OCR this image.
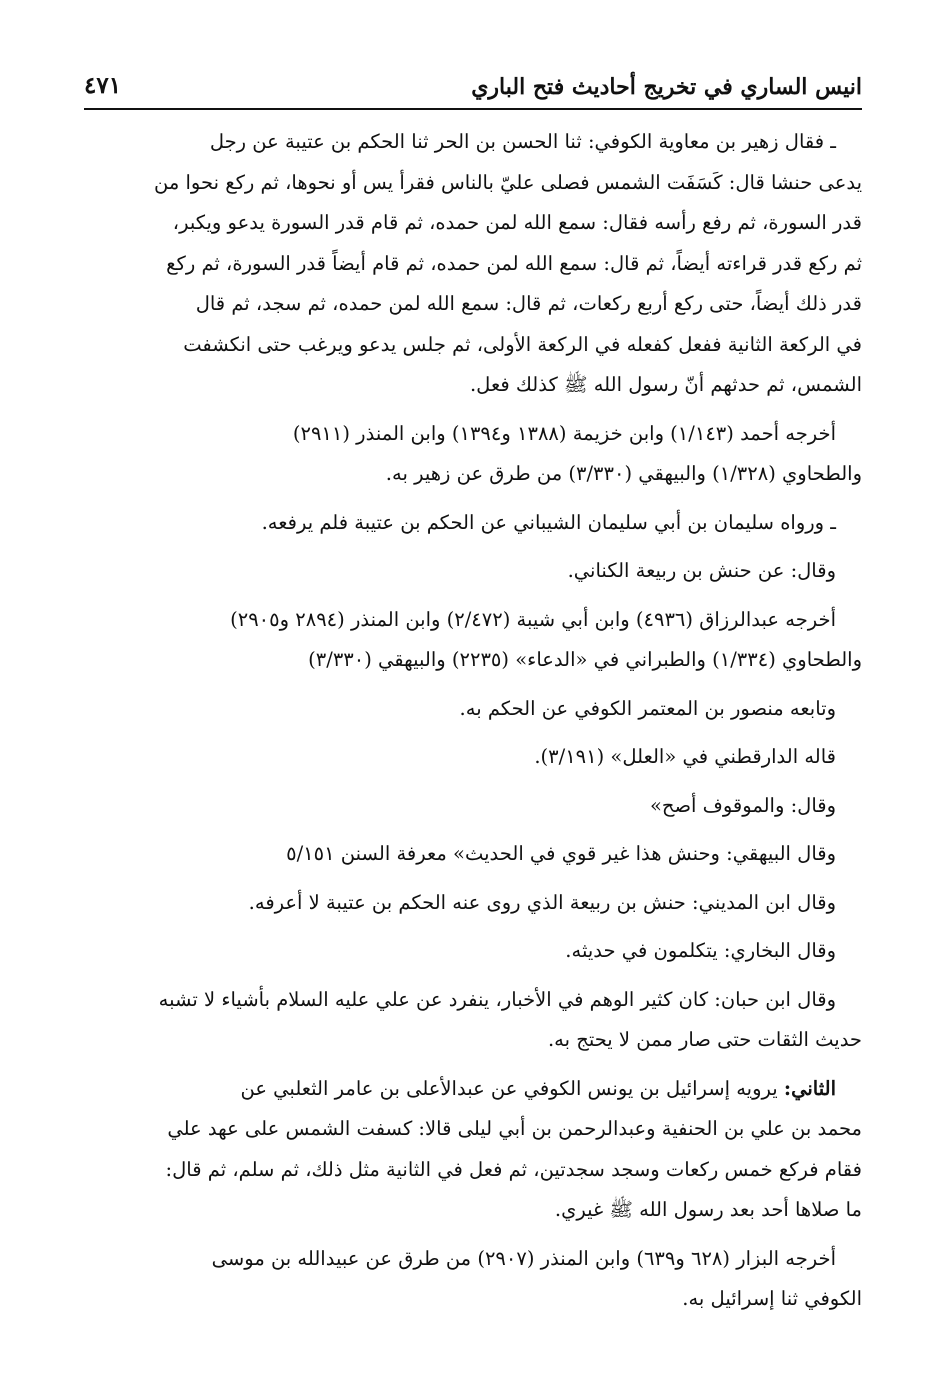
انيس الساري في تخريج أحاديث فتح الباري
٤٧١

ـ فقال زهير بن معاوية الكوفي: ثنا الحسن بن الحر ثنا الحكم بن عتيبة عن رجل
يدعى حنشا قال: كَسَفَت الشمس فصلى عليّ بالناس فقرأ يس أو نحوها، ثم ركع نحوا من
قدر السورة، ثم رفع رأسه فقال: سمع الله لمن حمده، ثم قام قدر السورة يدعو ويكبر،
ثم ركع قدر قراءته أيضاً، ثم قال: سمع الله لمن حمده، ثم قام أيضاً قدر السورة، ثم ركع
قدر ذلك أيضاً، حتى ركع أربع ركعات، ثم قال: سمع الله لمن حمده، ثم سجد، ثم قال
في الركعة الثانية ففعل كفعله في الركعة الأولى، ثم جلس يدعو ويرغب حتى انكشفت
الشمس، ثم حدثهم أنّ رسول الله ﷺ كذلك فعل.

أخرجه أحمد (١/١٤٣) وابن خزيمة (١٣٨٨ و١٣٩٤) وابن المنذر (٢٩١١)
والطحاوي (١/٣٢٨) والبيهقي (٣/٣٣٠) من طرق عن زهير به.

ـ ورواه سليمان بن أبي سليمان الشيباني عن الحكم بن عتيبة فلم يرفعه.

وقال: عن حنش بن ربيعة الكناني.

أخرجه عبدالرزاق (٤٩٣٦) وابن أبي شيبة (٢/٤٧٢) وابن المنذر (٢٨٩٤ و٢٩٠٥)
والطحاوي (١/٣٣٤) والطبراني في «الدعاء» (٢٢٣٥) والبيهقي (٣/٣٣٠)

وتابعه منصور بن المعتمر الكوفي عن الحكم به.

قاله الدارقطني في «العلل» (٣/١٩١).

وقال: والموقوف أصح»

وقال البيهقي: وحنش هذا غير قوي في الحديث» معرفة السنن ٥/١٥١

وقال ابن المديني: حنش بن ربيعة الذي روى عنه الحكم بن عتيبة لا أعرفه.

وقال البخاري: يتكلمون في حديثه.

وقال ابن حبان: كان كثير الوهم في الأخبار، ينفرد عن علي عليه السلام بأشياء لا تشبه
حديث الثقات حتى صار ممن لا يحتج به.

الثاني: يرويه إسرائيل بن يونس الكوفي عن عبدالأعلى بن عامر الثعلبي عن
محمد بن علي بن الحنفية وعبدالرحمن بن أبي ليلى قالا: كسفت الشمس على عهد علي
فقام فركع خمس ركعات وسجد سجدتين، ثم فعل في الثانية مثل ذلك، ثم سلم، ثم قال:
ما صلاها أحد بعد رسول الله ﷺ غيري.

أخرجه البزار (٦٢٨ و٦٣٩) وابن المنذر (٢٩٠٧) من طرق عن عبيدالله بن موسى
الكوفي ثنا إسرائيل به.
